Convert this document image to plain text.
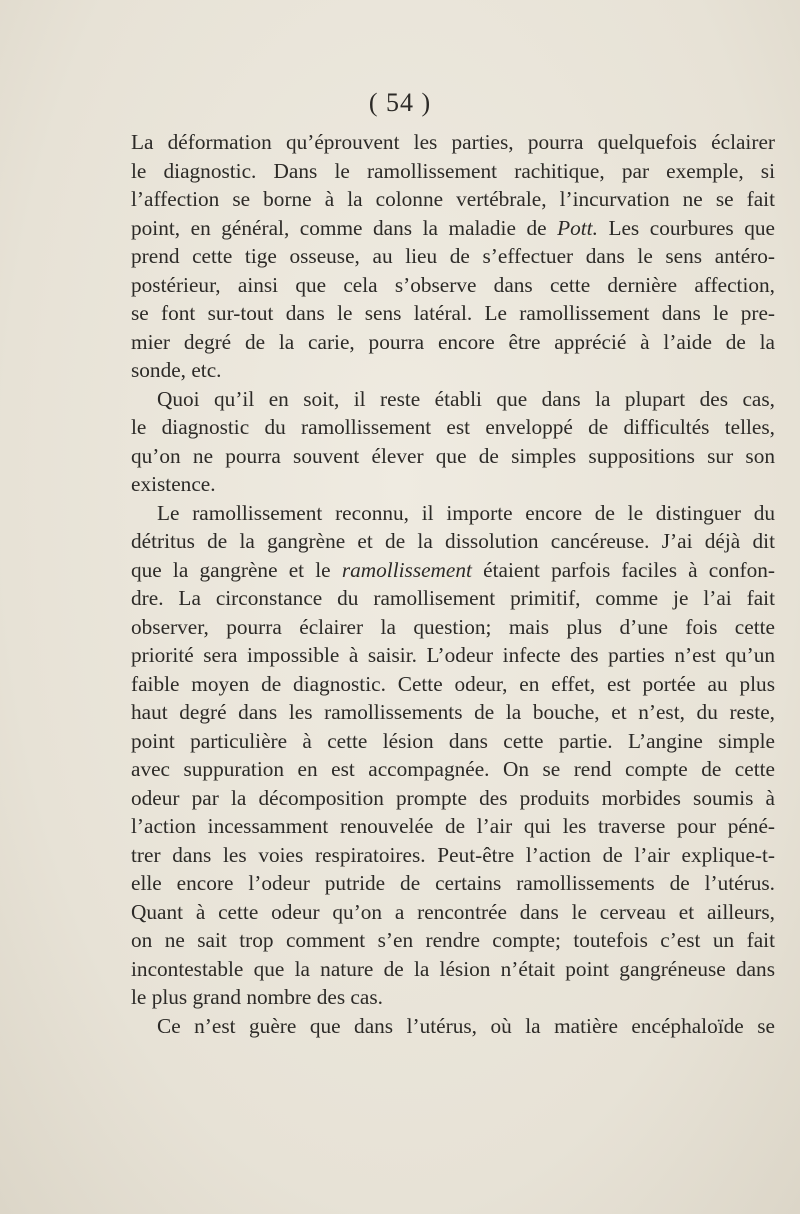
( 54 )
La déformation qu’éprouvent les parties, pourra quelquefois éclairer
le diagnostic. Dans le ramollissement rachitique, par exemple, si
l’affection se borne à la colonne vertébrale, l’incurvation ne se fait
point, en général, comme dans la maladie de Pott. Les courbures que
prend cette tige osseuse, au lieu de s’effectuer dans le sens antéro-
postérieur, ainsi que cela s’observe dans cette dernière affection,
se font sur-tout dans le sens latéral. Le ramollissement dans le pre-
mier degré de la carie, pourra encore être apprécié à l’aide de la
sonde, etc.
Quoi qu’il en soit, il reste établi que dans la plupart des cas,
le diagnostic du ramollissement est enveloppé de difficultés telles,
qu’on ne pourra souvent élever que de simples suppositions sur son
existence.
Le ramollissement reconnu, il importe encore de le distinguer du
détritus de la gangrène et de la dissolution cancéreuse. J’ai déjà dit
que la gangrène et le ramollissement étaient parfois faciles à confon-
dre. La circonstance du ramollisement primitif, comme je l’ai fait
observer, pourra éclairer la question; mais plus d’une fois cette
priorité sera impossible à saisir. L’odeur infecte des parties n’est qu’un
faible moyen de diagnostic. Cette odeur, en effet, est portée au plus
haut degré dans les ramollissements de la bouche, et n’est, du reste,
point particulière à cette lésion dans cette partie. L’angine simple
avec suppuration en est accompagnée. On se rend compte de cette
odeur par la décomposition prompte des produits morbides soumis à
l’action incessamment renouvelée de l’air qui les traverse pour péné-
trer dans les voies respiratoires. Peut-être l’action de l’air explique-t-
elle encore l’odeur putride de certains ramollissements de l’utérus.
Quant à cette odeur qu’on a rencontrée dans le cerveau et ailleurs,
on ne sait trop comment s’en rendre compte; toutefois c’est un fait
incontestable que la nature de la lésion n’était point gangréneuse dans
le plus grand nombre des cas.
Ce n’est guère que dans l’utérus, où la matière encéphaloïde se
